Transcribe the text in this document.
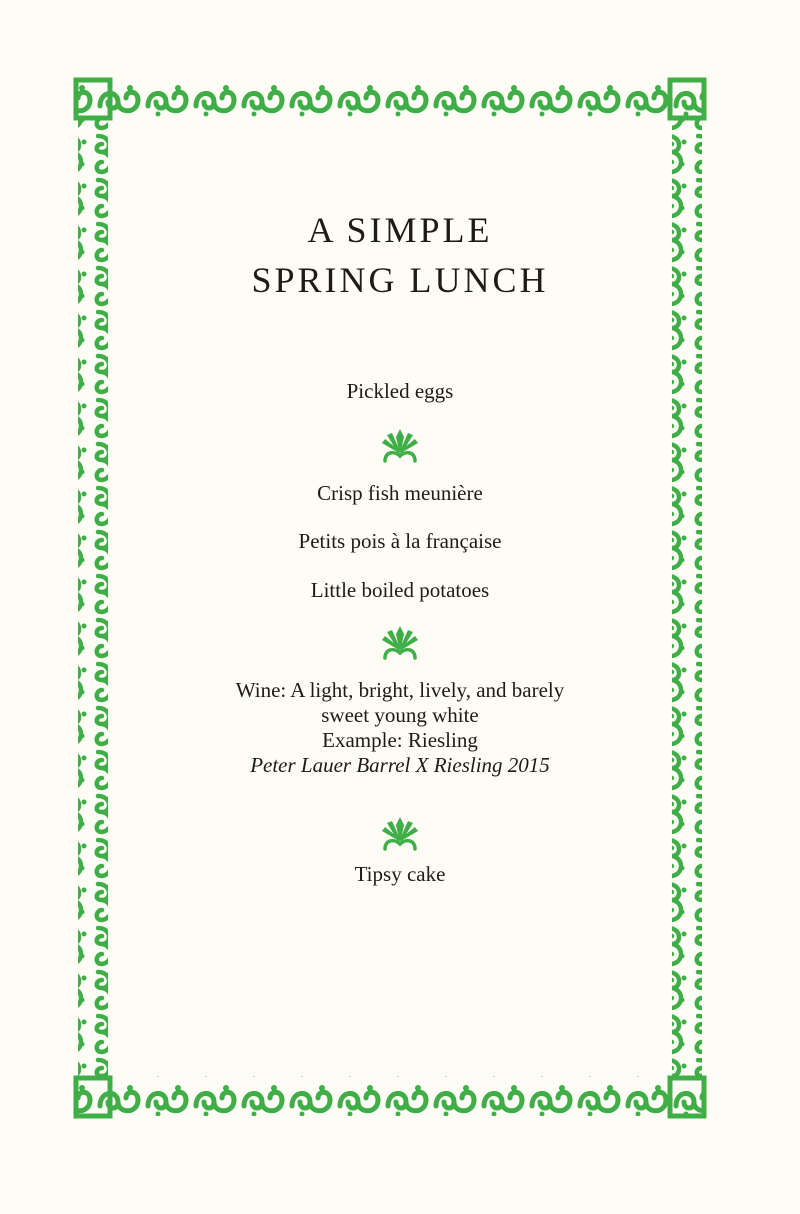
A SIMPLE
SPRING LUNCH
Pickled eggs
Crisp fish meunière
Petits pois à la française
Little boiled potatoes
Wine: A light, bright, lively, and barely
sweet young white
Example: Riesling
Peter Lauer Barrel X Riesling 2015
Tipsy cake
